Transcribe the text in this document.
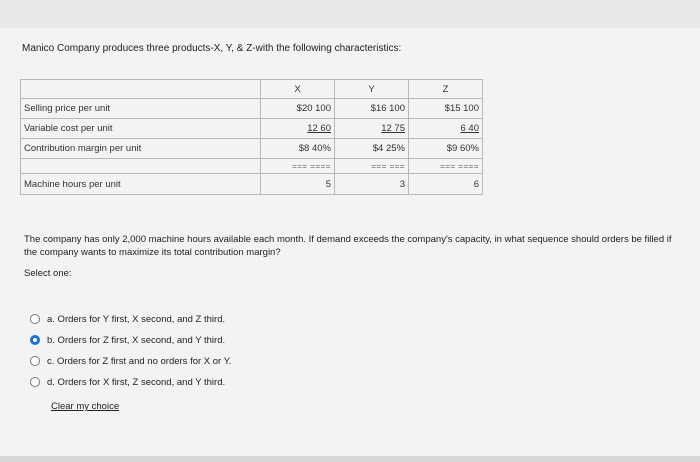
Manico Company produces three products-X, Y, & Z-with the following characteristics:
	X	Y	Z
Selling price per unit	$20 100	$16 100	$15 100
Variable cost per unit	12 60	12 75	6 40
Contribution margin per unit	$8 40%	$4 25%	$9 60%
	=== ====	=== ===	=== ====
Machine hours per unit	5	3	6
The company has only 2,000 machine hours available each month. If demand exceeds the company's capacity, in what sequence should orders be filled if the company wants to maximize its total contribution margin?
Select one:
a. Orders for Y first, X second, and Z third.
b. Orders for Z first, X second, and Y third.
c. Orders for Z first and no orders for X or Y.
d. Orders for X first, Z second, and Y third.
Clear my choice
